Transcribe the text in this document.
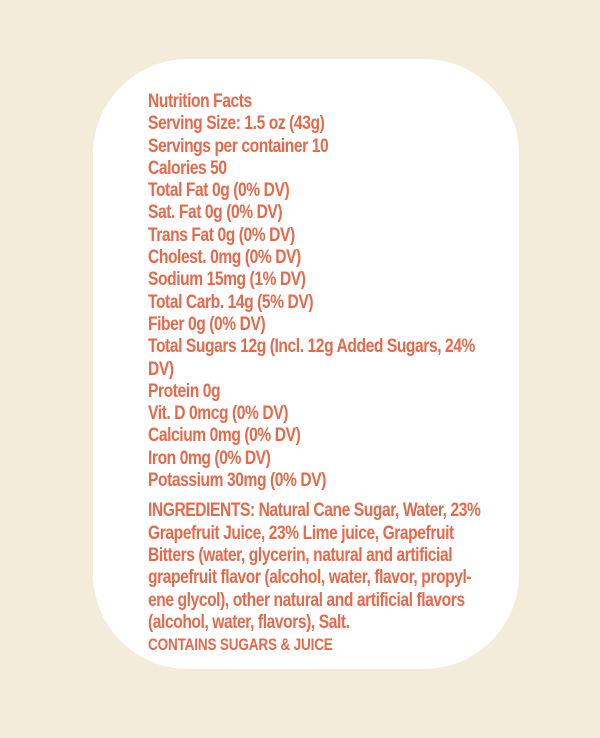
Nutrition Facts
Serving Size: 1.5 oz (43g)
Servings per container 10
Calories 50
Total Fat 0g (0% DV)
Sat. Fat 0g (0% DV)
Trans Fat 0g (0% DV)
Cholest. 0mg (0% DV)
Sodium 15mg (1% DV)
Total Carb. 14g (5% DV)
Fiber 0g (0% DV)
Total Sugars 12g (Incl. 12g Added Sugars, 24%
DV)
Protein 0g
Vit. D 0mcg (0% DV)
Calcium 0mg (0% DV)
Iron 0mg (0% DV)
Potassium 30mg (0% DV)
INGREDIENTS: Natural Cane Sugar, Water, 23%
Grapefruit Juice, 23% Lime juice, Grapefruit
Bitters (water, glycerin, natural and artificial
grapefruit flavor (alcohol, water, flavor, propyl-
ene glycol), other natural and artificial flavors
(alcohol, water, flavors), Salt.
CONTAINS SUGARS & JUICE
